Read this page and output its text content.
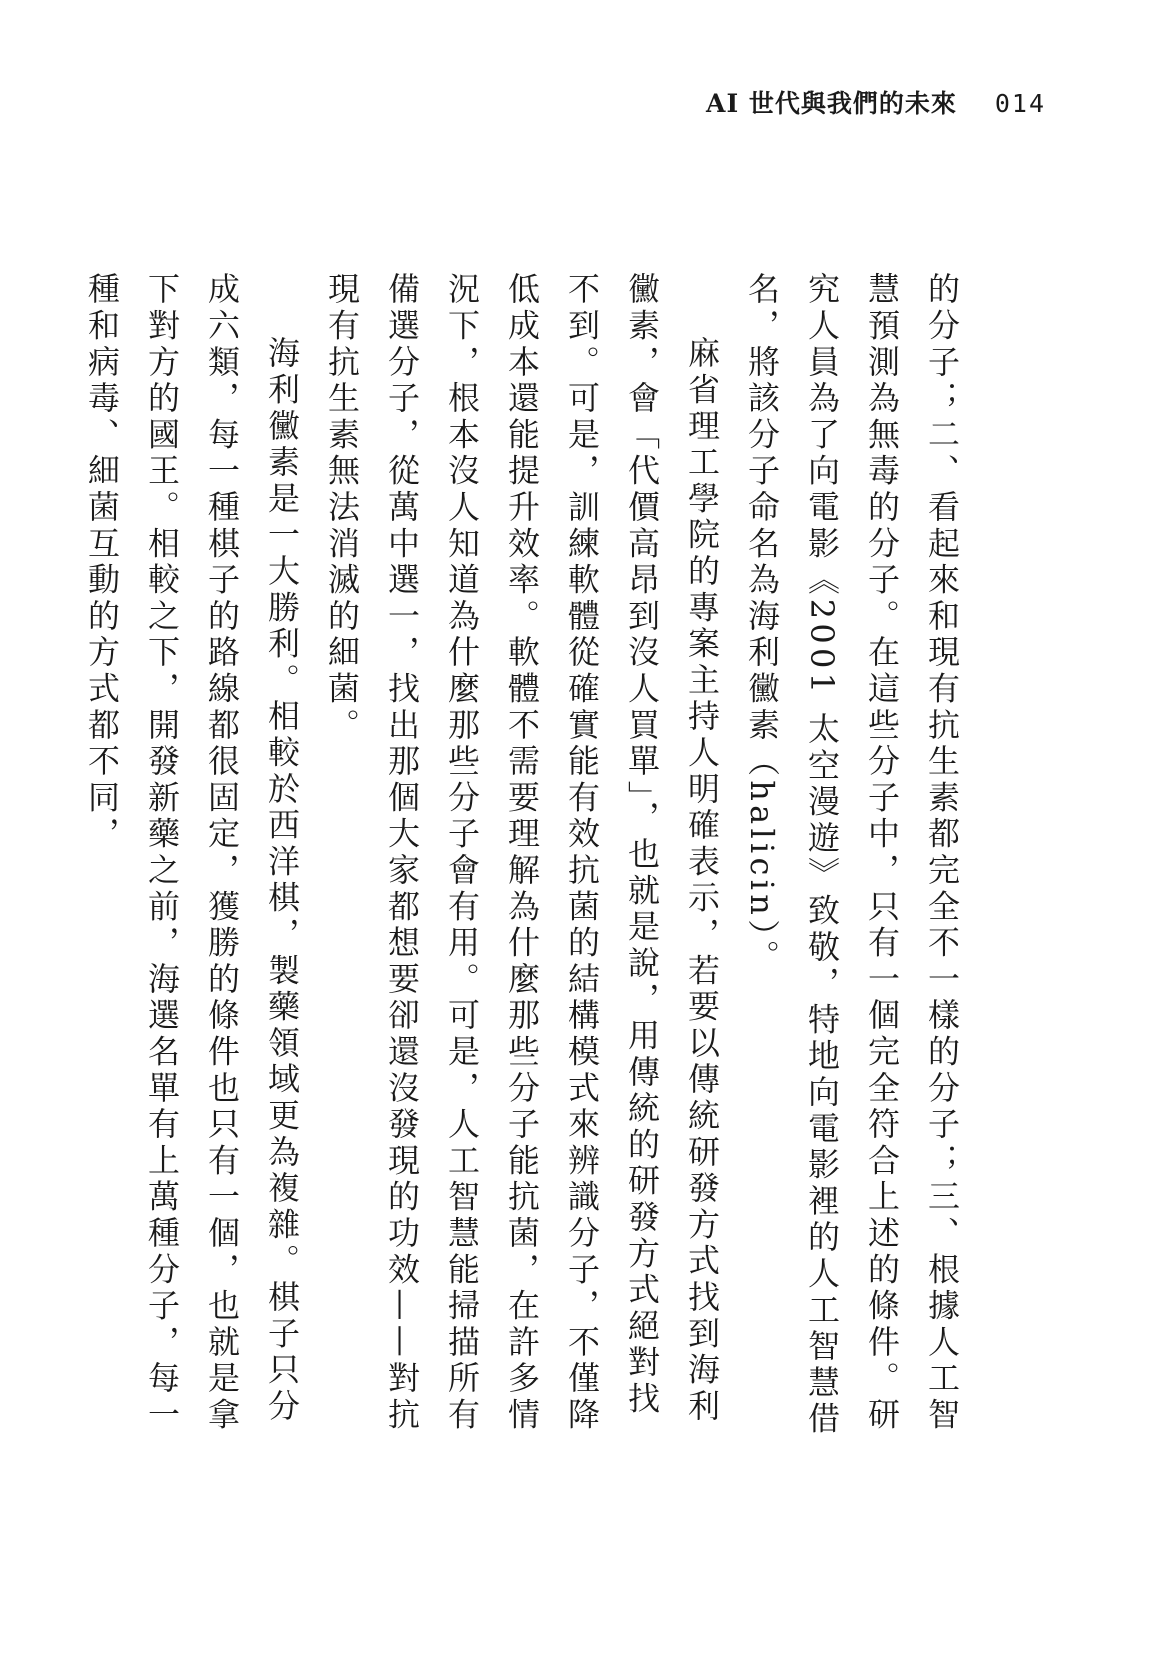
AI 世代與我們的未來 014

的分子；二、看起來和現有抗生素都完全不一樣的分子；三、根據人工智慧預測為無毒的分子。在這些分子中，只有一個完全符合上述的條件。研究人員為了向電影《2001 太空漫遊》致敬，特地向電影裡的人工智慧借名，將該分子命名為海利黴素（halicin）。

麻省理工學院的專案主持人明確表示，若要以傳統研發方式找到海利黴素，會「代價高昂到沒人買單」，也就是說，用傳統的研發方式絕對找不到。可是，訓練軟體從確實能有效抗菌的結構模式來辨識分子，不僅降低成本還能提升效率。軟體不需要理解為什麼那些分子能抗菌，在許多情況下，根本沒人知道為什麼那些分子會有用。可是，人工智慧能掃描所有備選分子，從萬中選一，找出那個大家都想要卻還沒發現的功效——對抗現有抗生素無法消滅的細菌。

海利黴素是一大勝利。相較於西洋棋，製藥領域更為複雜。棋子只分成六類，每一種棋子的路線都很固定，獲勝的條件也只有一個，也就是拿下對方的國王。相較之下，開發新藥之前，海選名單有上萬種分子，每一種和病毒、細菌互動的方式都不同，
